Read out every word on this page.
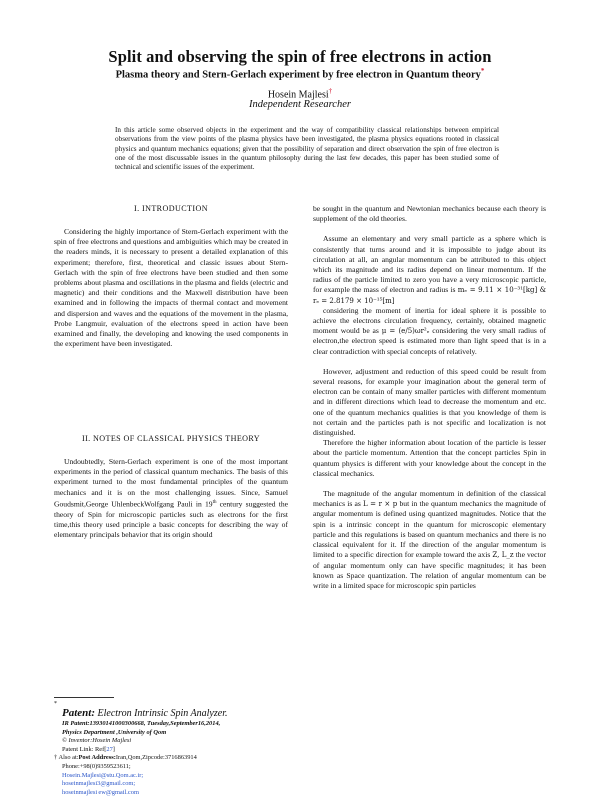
Split and observing the spin of free electrons in action
Plasma theory and Stern-Gerlach experiment by free electron in Quantum theory*
Hosein Majlesi†
Independent Researcher
In this article some observed objects in the experiment and the way of compatibility classical relationships between empirical observations from the view points of the plasma physics have been investigated, the plasma physics equations rooted in classical physics and quantum mechanics equations; given that the possibility of separation and direct observation the spin of free electron is one of the most discussable issues in the quantum philosophy during the last few decades, this paper has been studied some of technical and scientific issues of the experiment.
I. INTRODUCTION

Considering the highly importance of Stern-Gerlach experiment with the spin of free electrons and questions and ambiguities which may be created in the readers minds, it is necessary to present a detailed explanation of this experiment; therefore, first, theoretical and classic issues about Stern-Gerlach with the spin of free electrons have been studied and then some problems about plasma and oscillations in the plasma and fields (electric and magnetic) and their conditions and the Maxwell distribution have been examined and in following the impacts of thermal contact and movement and dispersion and waves and the equations of the movement in the plasma, Probe Langmuir, evaluation of the electrons speed in action have been examined and finally, the developing and knowing the used components in the experiment have been investigated.

II. NOTES OF CLASSICAL PHYSICS THEORY

Undoubtedly, Stern-Gerlach experiment is one of the most important experiments in the period of classical quantum mechanics. The basis of this experiment turned to the most fundamental principles of the quantum mechanics and it is on the most challenging issues. Since, Samuel Goudsmit,George UhlenbeckWolfgang Pauli in 19th century suggested the theory of Spin for microscopic particles such as electrons for the first time,this theory used principle a basic concepts for describing the way of elementary principals behavior that its origin should

*
Patent: Electron Intrinsic Spin Analyzer.
IR Patent:13930141000300668, Tuesday,September16,2014,
Physics Department ,University of Qom
© Inventor:Hosein Majlesi
Patent Link: Ref[27]
† Also at:Post Address:Iran,Qom,Zipcode:3716863914
Phone:+98(0)9359523611;
Hosein.Majlesi@stu.Qom.ac.ir;
hoseinmajlesi3@gmail.com;
hoseinmajlesi ew@gmail.com

be sought in the quantum and Newtonian mechanics because each theory is supplement of the old theories.

Assume an elementary and very small particle as a sphere which is consistently that turns around and it is impossible to judge about its circulation at all, an angular momentum can be attributed to this object which its magnitude and its radius depend on linear momentum. If the radius of the particle limited to zero you have a very microscopic particle, for example the mass of electron and radius is mₑ = 9.11 × 10⁻³¹[kg] & rₑ = 2.8179 × 10⁻¹⁵[m]

considering the moment of inertia for ideal sphere it is possible to achieve the electrons circulation frequency, certainly, obtained magnetic moment would be as μ = (e/5)ωr²ₑ considering the very small radius of electron,the electron speed is estimated more than light speed that is in a clear contradiction with special concepts of relatively.

However, adjustment and reduction of this speed could be result from several reasons, for example your imagination about the general term of electron can be contain of many smaller particles with different momentum and in different directions which lead to decrease the momentum and etc. one of the quantum mechanics qualities is that you knowledge of them is not certain and the particles path is not specific and localization is not distinguished.

Therefore the higher information about location of the particle is lesser about the particle momentum. Attention that the concept particles Spin in quantum physics is different with your knowledge about the concept in the classical mechanics.

The magnitude of the angular momentum in definition of the classical mechanics is as L = r × p but in the quantum mechanics the magnitude of angular momentum is defined using quantized magnitudes. Notice that the spin is a intrinsic concept in the quantum for microscopic elementary particle and this regulations is based on quantum mechanics and there is no classical equivalent for it. If the direction of the angular momentum is limited to a specific direction for example toward the axis Z, L_z the vector of angular momentum only can have specific magnitudes; it has been known as Space quantization. The relation of angular momentum can be write in a limited space for microscopic spin particles
